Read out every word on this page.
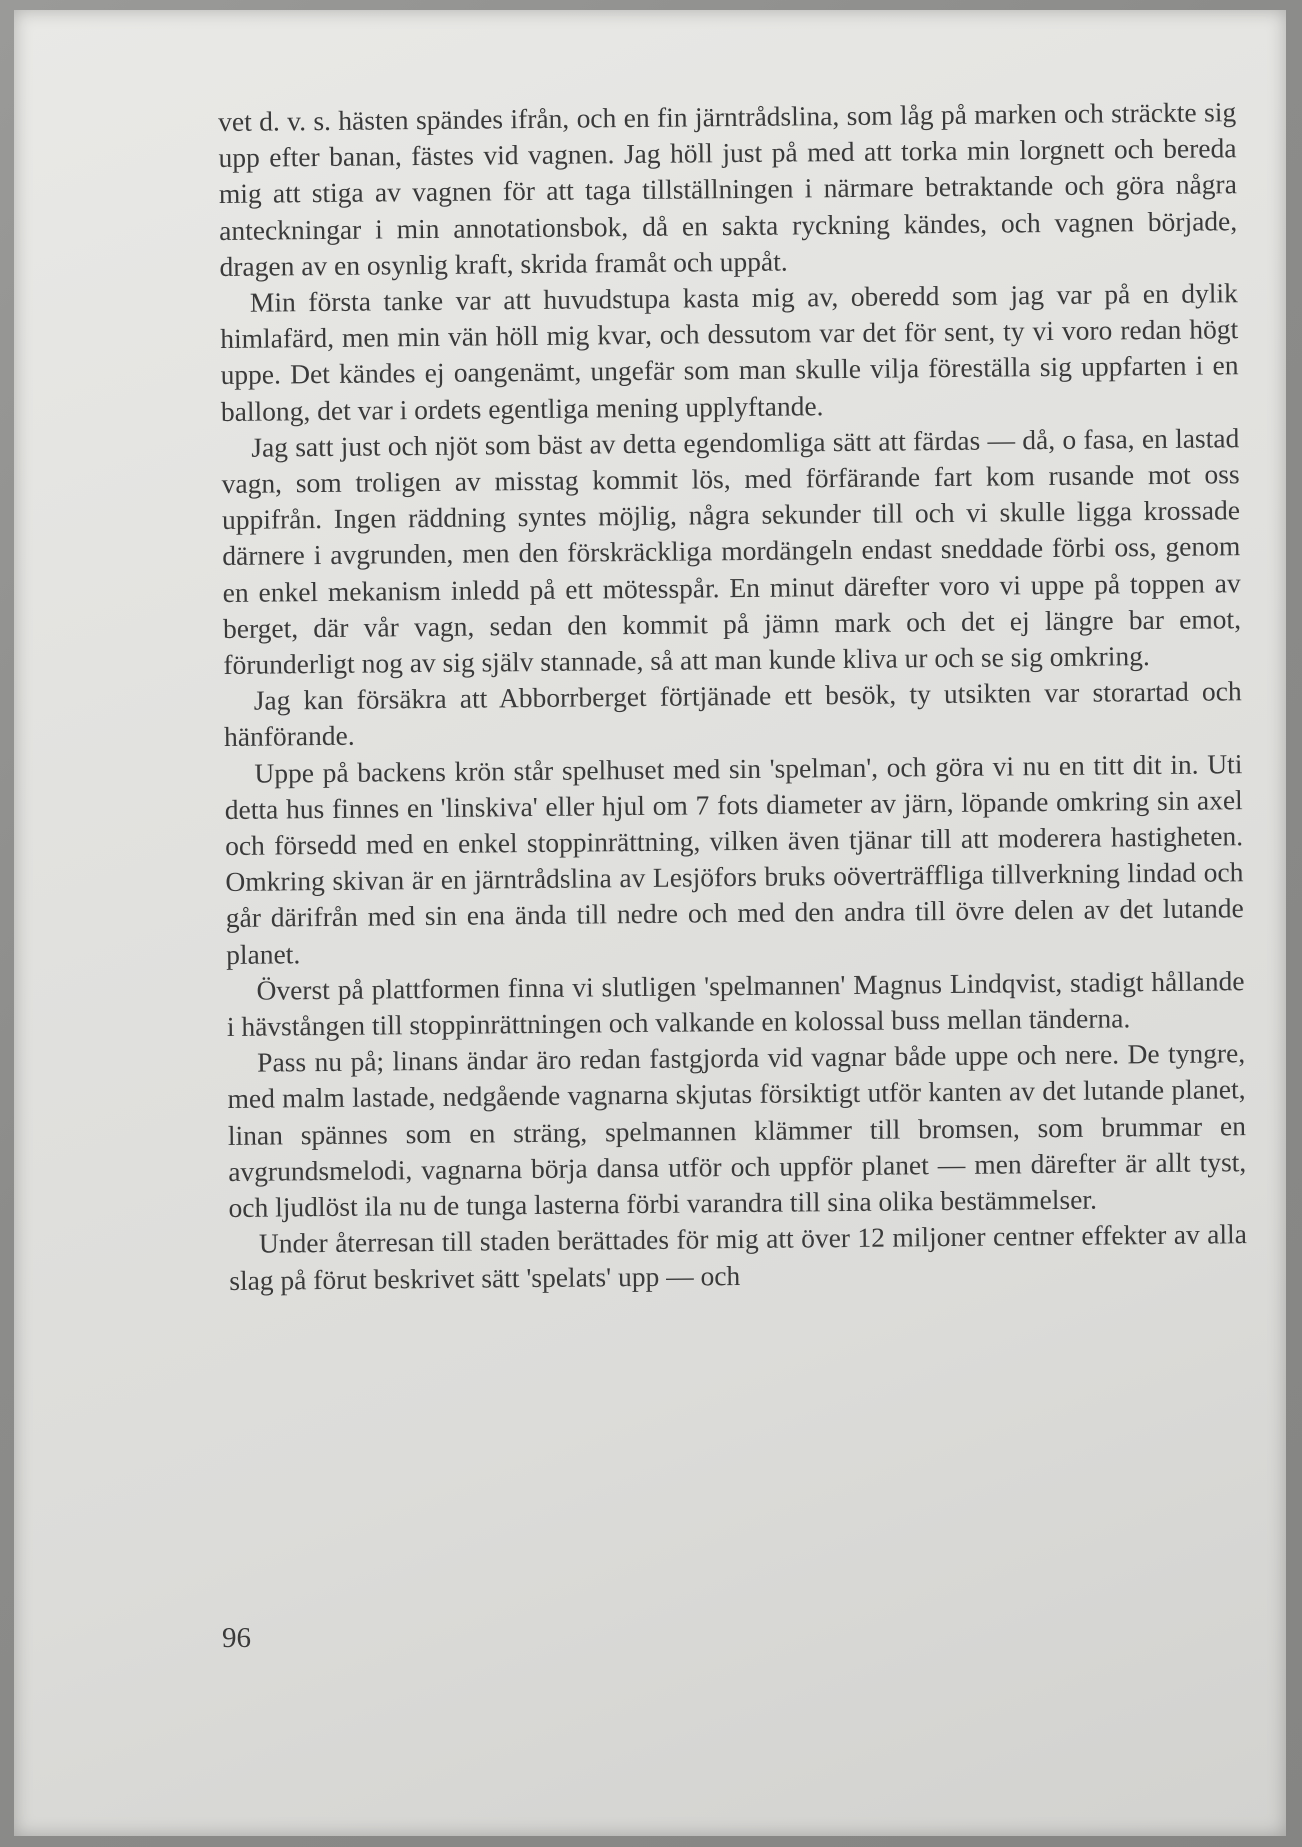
vet d. v. s. hästen spändes ifrån, och en fin järntrådslina, som låg på marken och sträckte sig upp efter banan, fästes vid vagnen. Jag höll just på med att torka min lorgnett och bereda mig att stiga av vagnen för att taga tillställningen i närmare betraktande och göra några anteckningar i min annotationsbok, då en sakta ryckning kändes, och vagnen började, dragen av en osynlig kraft, skrida framåt och uppåt.

Min första tanke var att huvudstupa kasta mig av, oberedd som jag var på en dylik himlafärd, men min vän höll mig kvar, och dessutom var det för sent, ty vi voro redan högt uppe. Det kändes ej oangenämt, ungefär som man skulle vilja föreställa sig uppfarten i en ballong, det var i ordets egentliga mening upplyftande.

Jag satt just och njöt som bäst av detta egendomliga sätt att färdas — då, o fasa, en lastad vagn, som troligen av misstag kommit lös, med förfärande fart kom rusande mot oss uppifrån. Ingen räddning syntes möjlig, några sekunder till och vi skulle ligga krossade därnere i avgrunden, men den förskräckliga mordängeln endast sneddade förbi oss, genom en enkel mekanism inledd på ett mötesspår. En minut därefter voro vi uppe på toppen av berget, där vår vagn, sedan den kommit på jämn mark och det ej längre bar emot, förunderligt nog av sig själv stannade, så att man kunde kliva ur och se sig omkring.

Jag kan försäkra att Abborrberget förtjänade ett besök, ty utsikten var storartad och hänförande.

Uppe på backens krön står spelhuset med sin 'spelman', och göra vi nu en titt dit in. Uti detta hus finnes en 'linskiva' eller hjul om 7 fots diameter av järn, löpande omkring sin axel och försedd med en enkel stoppinrättning, vilken även tjänar till att moderera hastigheten. Omkring skivan är en järntrådslina av Lesjöfors bruks oöverträffliga tillverkning lindad och går därifrån med sin ena ända till nedre och med den andra till övre delen av det lutande planet.

Överst på plattformen finna vi slutligen 'spelmannen' Magnus Lindqvist, stadigt hållande i hävstången till stoppinrättningen och valkande en kolossal buss mellan tänderna.

Pass nu på; linans ändar äro redan fastgjorda vid vagnar både uppe och nere. De tyngre, med malm lastade, nedgående vagnarna skjutas försiktigt utför kanten av det lutande planet, linan spännes som en sträng, spelmannen klämmer till bromsen, som brummar en avgrundsmelodi, vagnarna börja dansa utför och uppför planet — men därefter är allt tyst, och ljudlöst ila nu de tunga lasterna förbi varandra till sina olika bestämmelser.

Under återresan till staden berättades för mig att över 12 miljoner centner effekter av alla slag på förut beskrivet sätt 'spelats' upp — och

96
